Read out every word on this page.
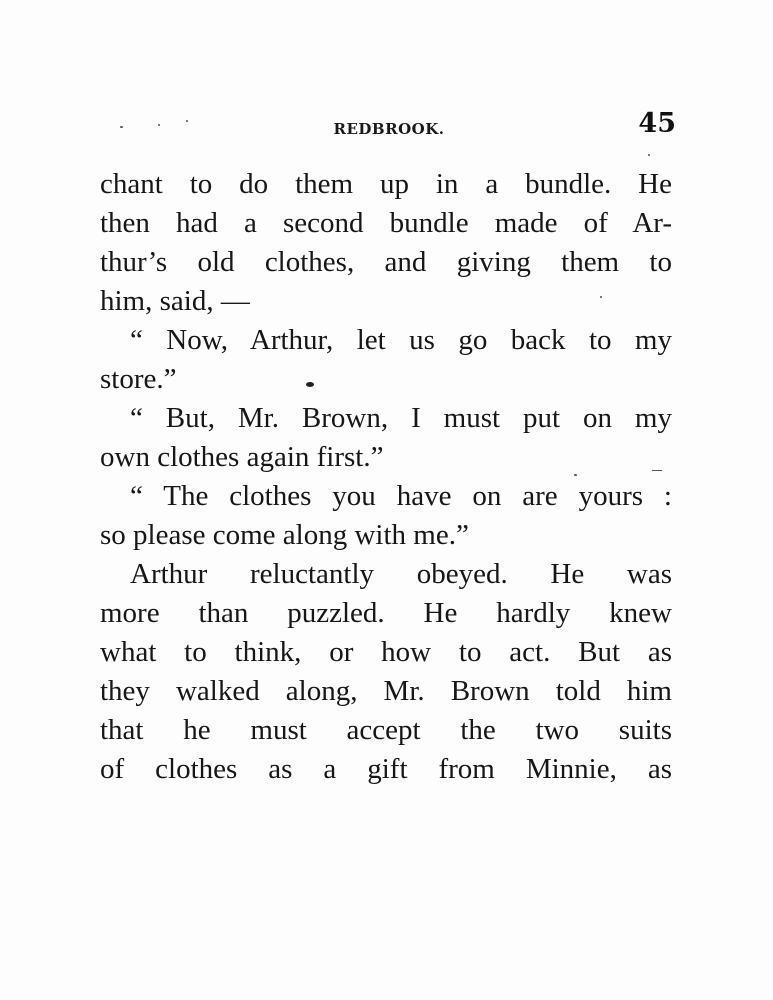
REDBROOK.	45
chant to do them up in a bundle. He
then had a second bundle made of Ar-
thur’s old clothes, and giving them to
him, said, —
“ Now, Arthur, let us go back to my
store.”
“ But, Mr. Brown, I must put on my
own clothes again first.”
“ The clothes you have on are yours :
so please come along with me.”
Arthur reluctantly obeyed. He was
more than puzzled. He hardly knew
what to think, or how to act. But as
they walked along, Mr. Brown told him
that he must accept the two suits
of clothes as a gift from Minnie, as
